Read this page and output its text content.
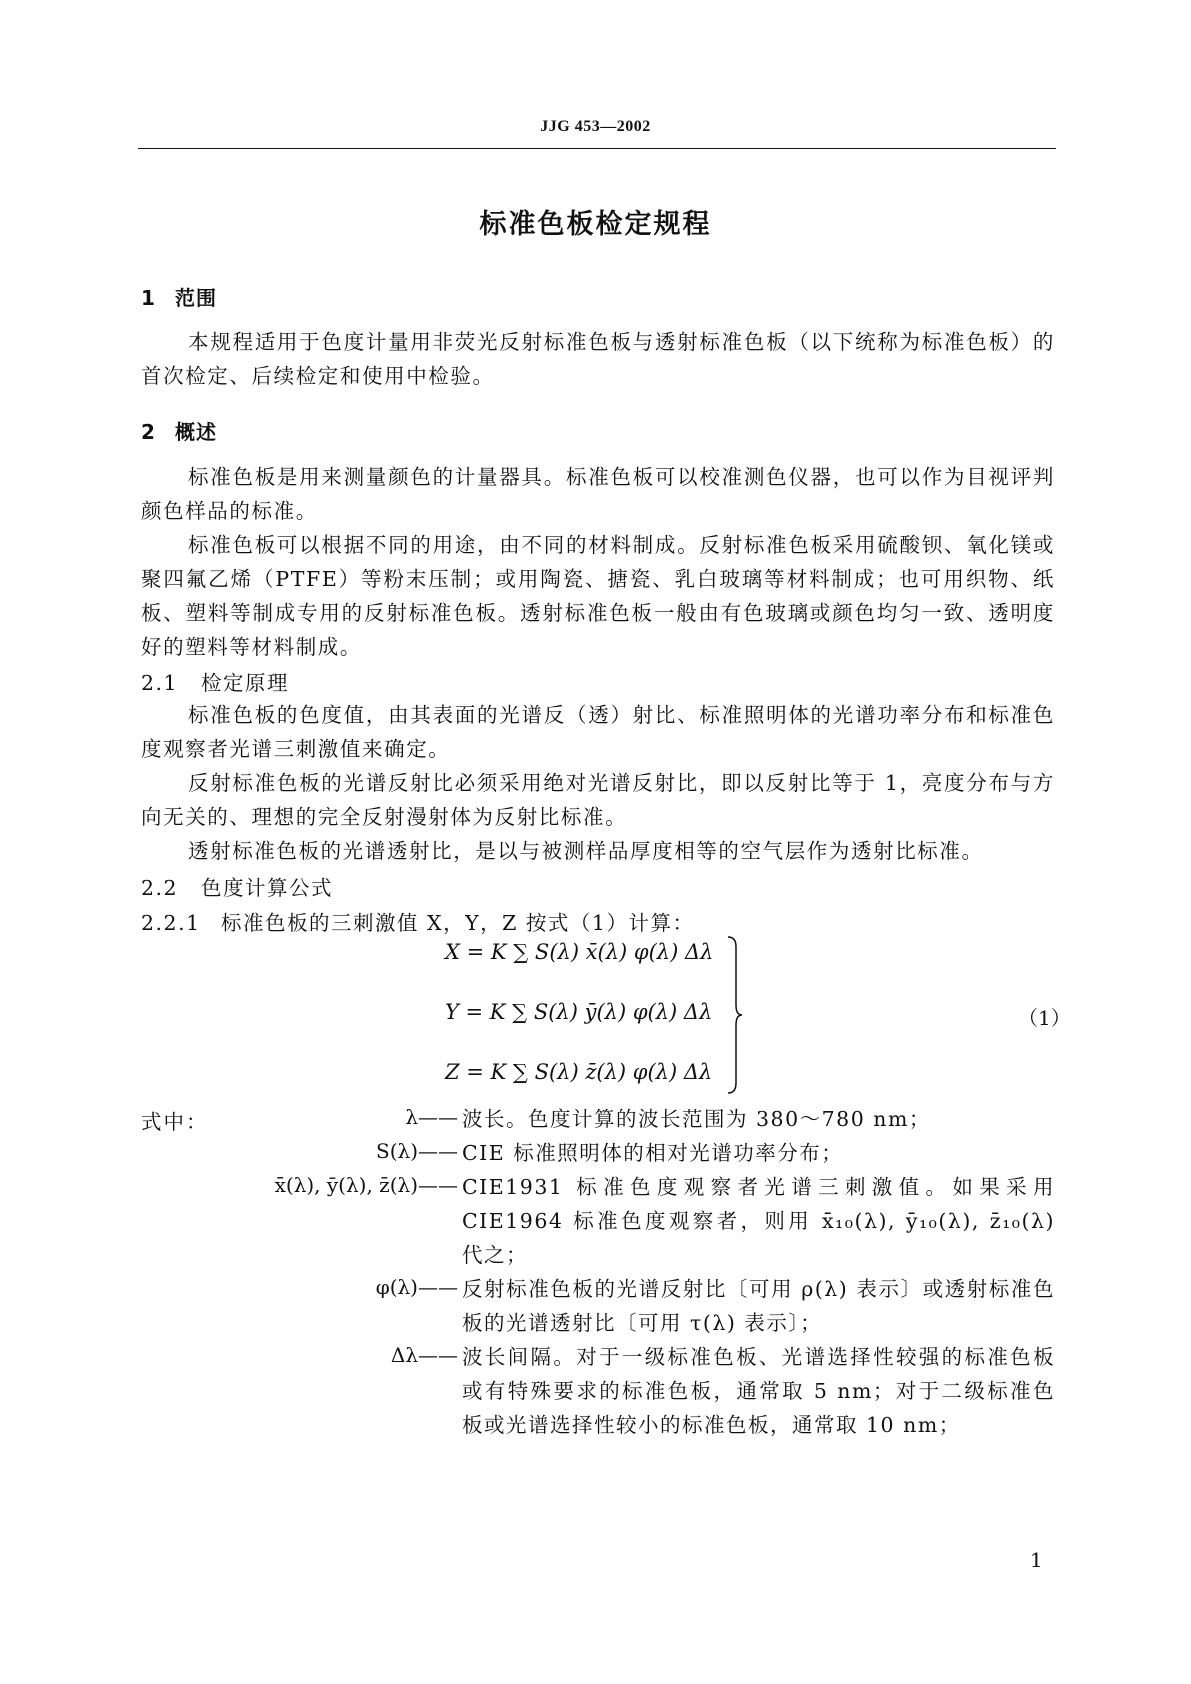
JJG 453—2002
标准色板检定规程
1 范围
本规程适用于色度计量用非荧光反射标准色板与透射标准色板（以下统称为标准色板）的首次检定、后续检定和使用中检验。
2 概述
标准色板是用来测量颜色的计量器具。标准色板可以校准测色仪器，也可以作为目视评判颜色样品的标准。
标准色板可以根据不同的用途，由不同的材料制成。反射标准色板采用硫酸钡、氧化镁或聚四氟乙烯（PTFE）等粉末压制；或用陶瓷、搪瓷、乳白玻璃等材料制成；也可用织物、纸板、塑料等制成专用的反射标准色板。透射标准色板一般由有色玻璃或颜色均匀一致、透明度好的塑料等材料制成。
2.1 检定原理
标准色板的色度值，由其表面的光谱反（透）射比、标准照明体的光谱功率分布和标准色度观察者光谱三刺激值来确定。
反射标准色板的光谱反射比必须采用绝对光谱反射比，即以反射比等于 1，亮度分布与方向无关的、理想的完全反射漫射体为反射比标准。
透射标准色板的光谱透射比，是以与被测样品厚度相等的空气层作为透射比标准。
2.2 色度计算公式
2.2.1 标准色板的三刺激值 X，Y，Z 按式（1）计算：
X = K ∑ S(λ) x̄(λ) φ(λ) Δλ
Y = K ∑ S(λ) ȳ(λ) φ(λ) Δλ
Z = K ∑ S(λ) z̄(λ) φ(λ) Δλ
（1）
式中：	λ—— 波长。色度计算的波长范围为 380～780 nm；
S(λ)—— CIE 标准照明体的相对光谱功率分布；
x̄(λ), ȳ(λ), z̄(λ)—— CIE1931 标准色度观察者光谱三刺激值。如果采用 CIE1964 标准色度观察者，则用 x̄₁₀(λ), ȳ₁₀(λ), z̄₁₀(λ) 代之；
φ(λ)—— 反射标准色板的光谱反射比〔可用 ρ(λ) 表示〕或透射标准色板的光谱透射比〔可用 τ(λ) 表示〕；
Δλ—— 波长间隔。对于一级标准色板、光谱选择性较强的标准色板或有特殊要求的标准色板，通常取 5 nm；对于二级标准色板或光谱选择性较小的标准色板，通常取 10 nm；
1
